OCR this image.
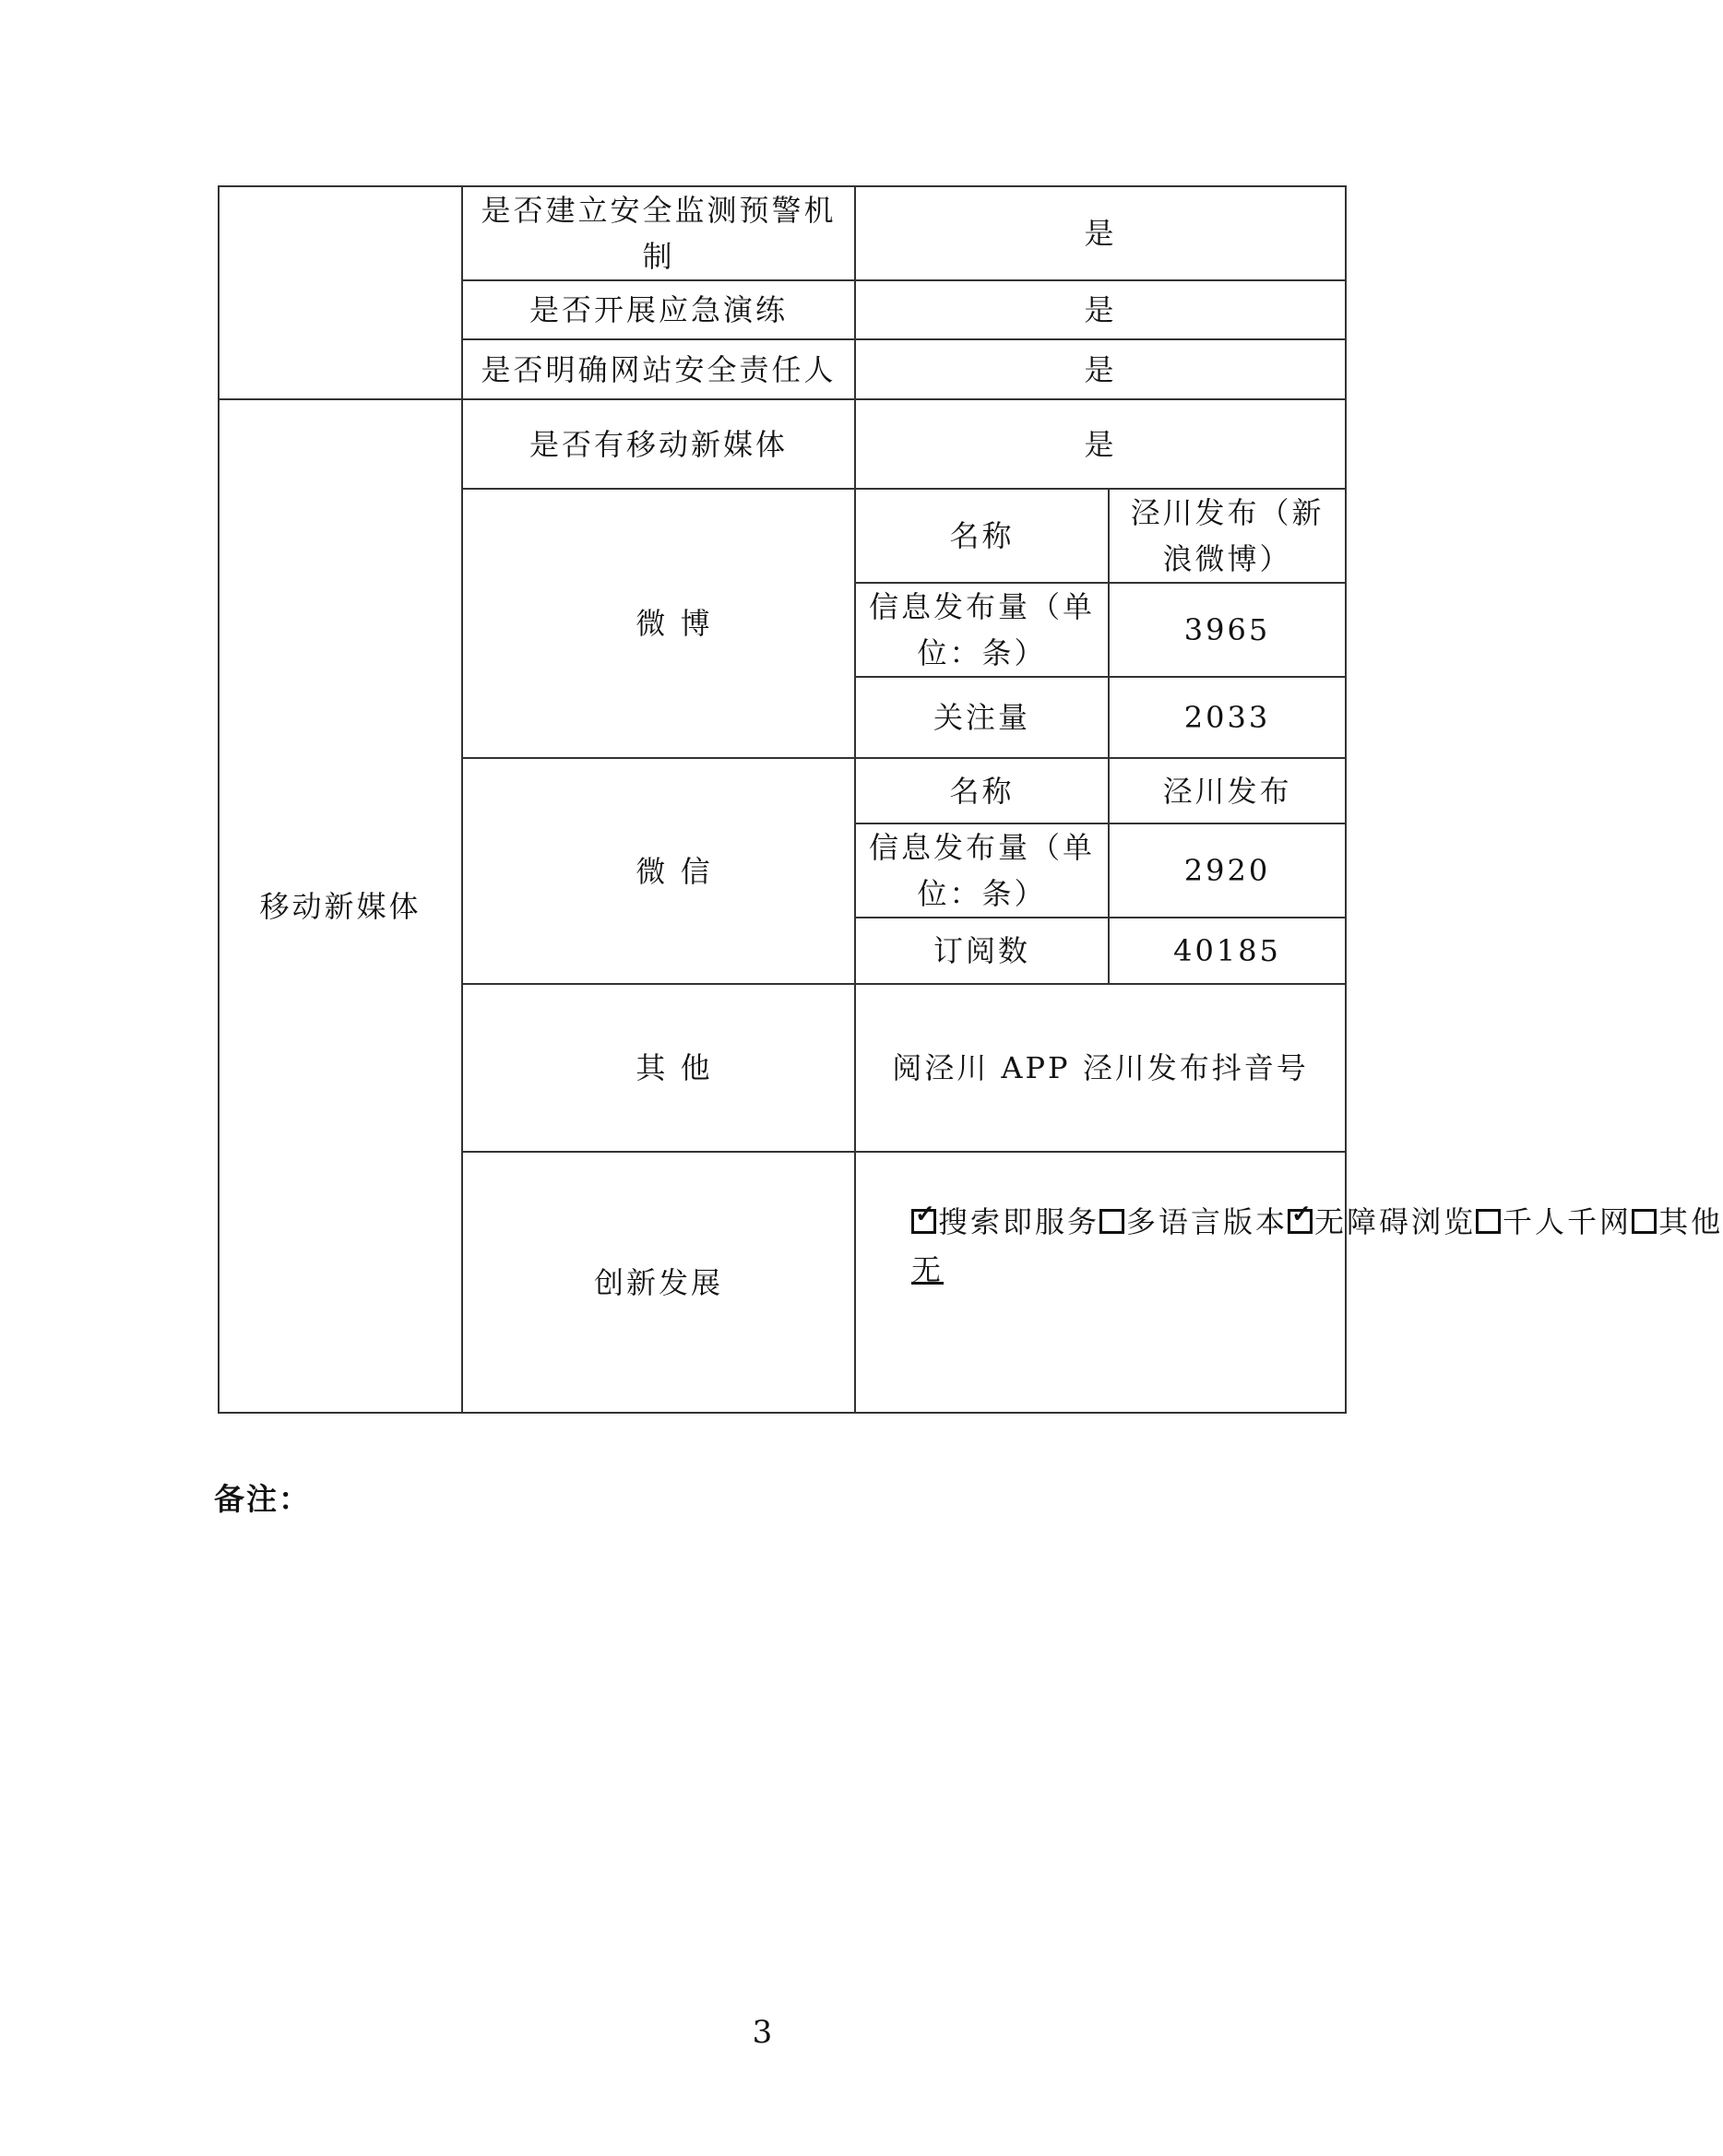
	是否建立安全监测预警机制	是	
	是否开展应急演练	是	
	是否明确网站安全责任人	是	
移动新媒体	是否有移动新媒体	是	
	微 博	名称	泾川发布（新浪微博）
		信息发布量（单位：条）	3965
		关注量	2033
	微 信	名称	泾川发布
		信息发布量（单位：条）	2920
		订阅数	40185
	其 他	阅泾川 APP 泾川发布抖音号	
	创新发展	✓ 搜索即服务 多语言版本 ✓ 无障碍浏览 千人千网 其他
无	
备注：
3
